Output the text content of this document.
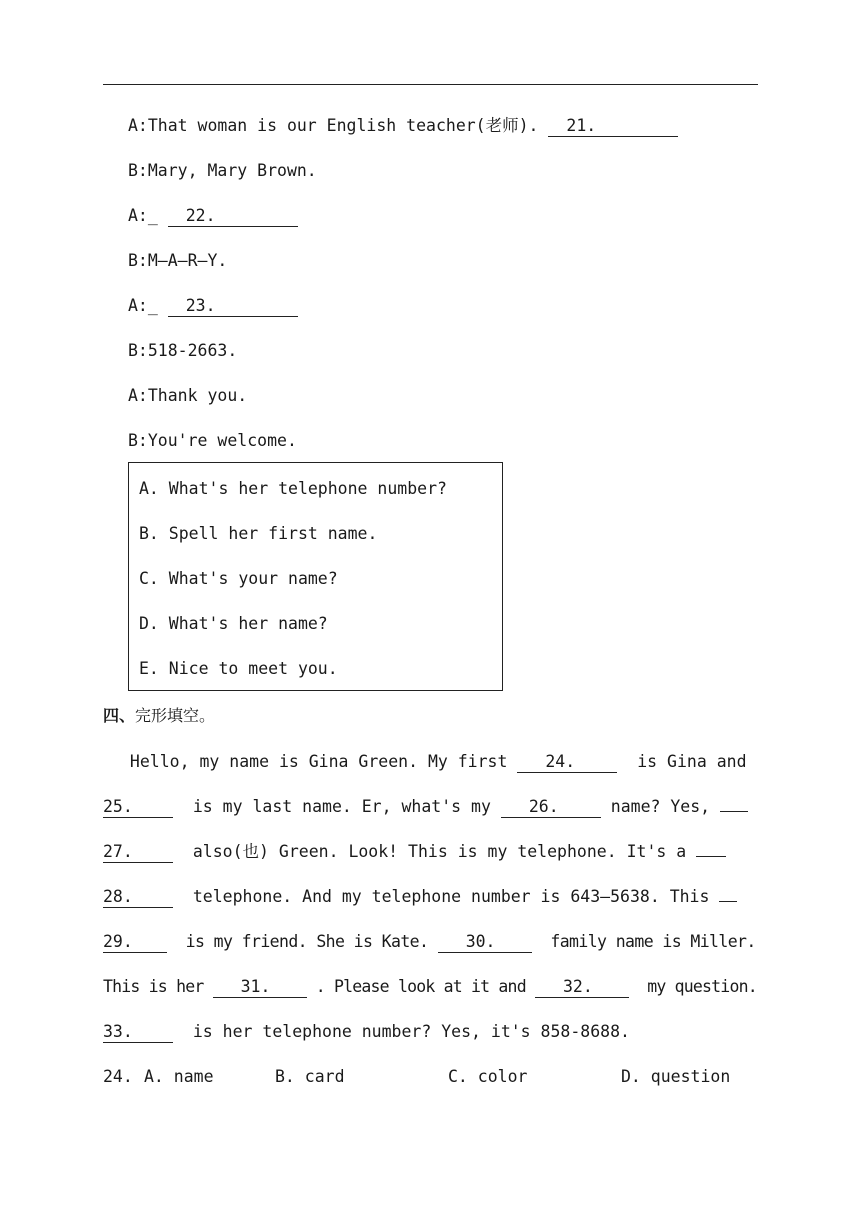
A:That woman is our English teacher(老师). 21.
B:Mary, Mary Brown.
A:_ 22.
B:M—A—R—Y.
A:_ 23.
B:518-2663.
A:Thank you.
B:You're welcome.
A. What's her telephone number?
B. Spell her first name.
C. What's your name?
D. What's her name?
E. Nice to meet you.
四、完形填空。
Hello, my name is Gina Green. My first 24.	is Gina and
25.  is my last name. Er, what's my 26.	name? Yes,
27.  also(也) Green. Look! This is my telephone. It's a
28.  telephone. And my telephone number is 643—5638. This
29.  is my friend. She is Kate. 30.  family name is Miller.
This is her 31. . Please look at it and 32.  my question.
33.  is her telephone number? Yes, it's 858-8688.
24. A. name	B. card	C. color	D. question
